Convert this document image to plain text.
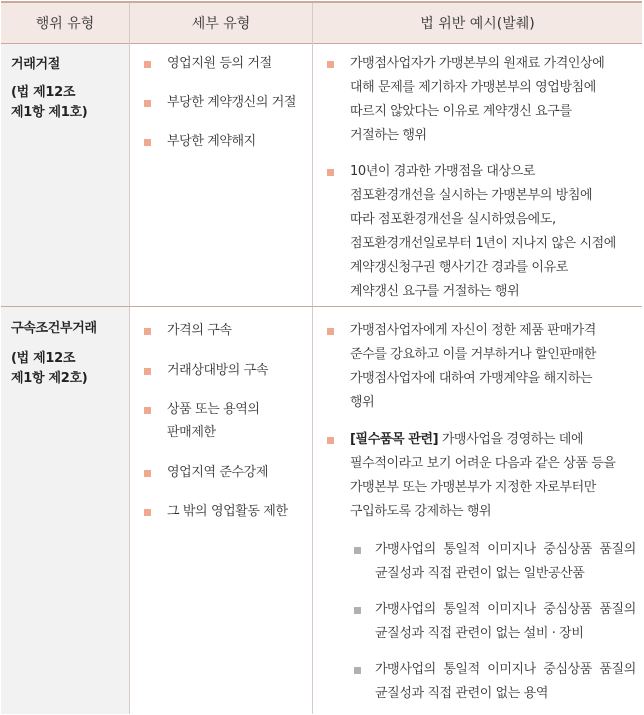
행위 유형	세부 유형	법 위반 예시(발췌)
거래거절
(법 제12조
제1항 제1호)
영업지원 등의 거절
부당한 계약갱신의 거절
부당한 계약해지
가맹점사업자가 가맹본부의 원재료 가격인상에
대해 문제를 제기하자 가맹본부의 영업방침에
따르지 않았다는 이유로 계약갱신 요구를
거절하는 행위
10년이 경과한 가맹점을 대상으로
점포환경개선을 실시하는 가맹본부의 방침에
따라 점포환경개선을 실시하였음에도,
점포환경개선일로부터 1년이 지나지 않은 시점에
계약갱신청구권 행사기간 경과를 이유로
계약갱신 요구를 거절하는 행위
구속조건부거래
(법 제12조
제1항 제2호)
가격의 구속
거래상대방의 구속
상품 또는 용역의
판매제한
영업지역 준수강제
그 밖의 영업활동 제한
가맹점사업자에게 자신이 정한 제품 판매가격
준수를 강요하고 이를 거부하거나 할인판매한
가맹점사업자에 대하여 가맹계약을 해지하는
행위
[필수품목 관련] 가맹사업을 경영하는 데에
필수적이라고 보기 어려운 다음과 같은 상품 등을
가맹본부 또는 가맹본부가 지정한 자로부터만
구입하도록 강제하는 행위
가맹사업의  통일적  이미지나  중심상품  품질의
균질성과 직접 관련이 없는 일반공산품
가맹사업의  통일적  이미지나  중심상품  품질의
균질성과 직접 관련이 없는 설비 · 장비
가맹사업의  통일적  이미지나  중심상품  품질의
균질성과 직접 관련이 없는 용역
